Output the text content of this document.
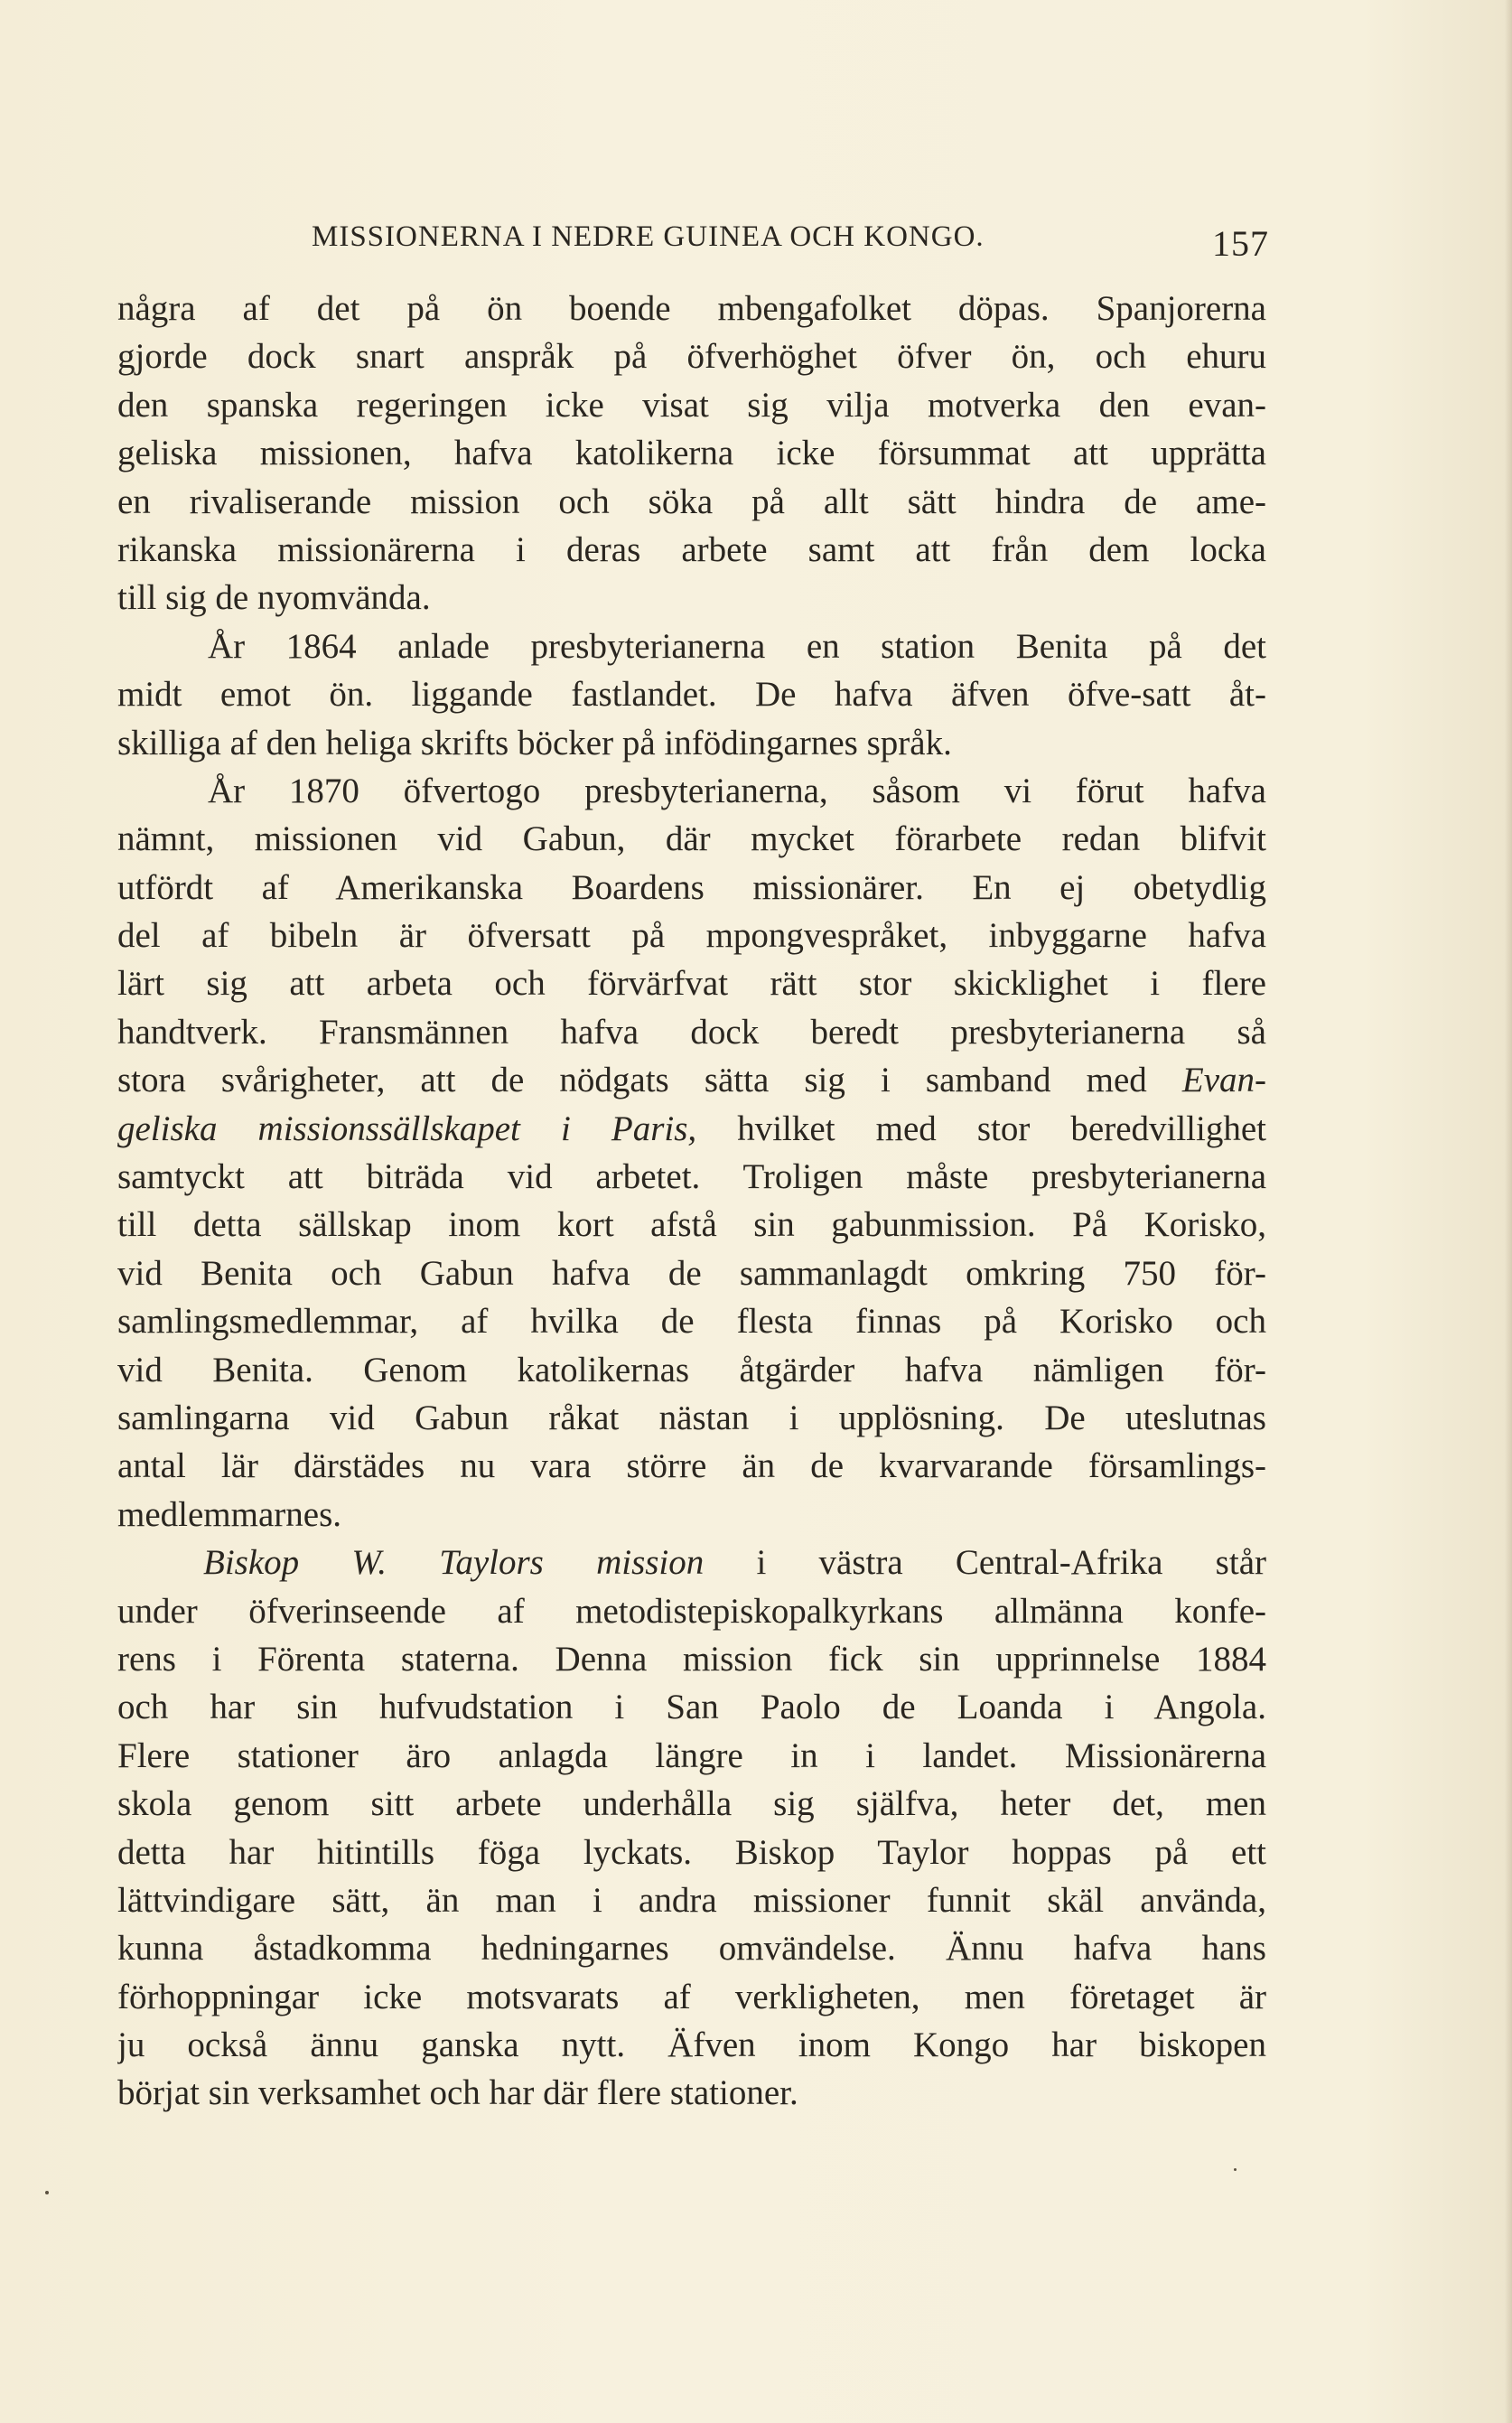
MISSIONERNA I NEDRE GUINEA OCH KONGO.	157
några af det på ön boende mbengafolket döpas. Spanjorerna
gjorde dock snart anspråk på öfverhöghet öfver ön, och ehuru
den spanska regeringen icke visat sig vilja motverka den evan-
geliska missionen, hafva katolikerna icke försummat att upprätta
en rivaliserande mission och söka på allt sätt hindra de ame-
rikanska missionärerna i deras arbete samt att från dem locka
till sig de nyomvända.
År 1864 anlade presbyterianerna en station Benita på det
midt emot ön. liggande fastlandet. De hafva äfven öfve-satt åt-
skilliga af den heliga skrifts böcker på infödingarnes språk.
År 1870 öfvertogo presbyterianerna, såsom vi förut hafva
nämnt, missionen vid Gabun, där mycket förarbete redan blifvit
utfördt af Amerikanska Boardens missionärer. En ej obetydlig
del af bibeln är öfversatt på mpongvespråket, inbyggarne hafva
lärt sig att arbeta och förvärfvat rätt stor skicklighet i flere
handtverk. Fransmännen hafva dock beredt presbyterianerna så
stora svårigheter, att de nödgats sätta sig i samband med Evan-
geliska missionssällskapet i Paris, hvilket med stor beredvillighet
samtyckt att biträda vid arbetet. Troligen måste presbyterianerna
till detta sällskap inom kort afstå sin gabunmission. På Korisko,
vid Benita och Gabun hafva de sammanlagdt omkring 750 för-
samlingsmedlemmar, af hvilka de flesta finnas på Korisko och
vid Benita. Genom katolikernas åtgärder hafva nämligen för-
samlingarna vid Gabun råkat nästan i upplösning. De uteslutnas
antal lär därstädes nu vara större än de kvarvarande församlings-
medlemmarnes.
Biskop W. Taylors mission i västra Central-Afrika står
under öfverinseende af metodistepiskopalkyrkans allmänna konfe-
rens i Förenta staterna. Denna mission fick sin upprinnelse 1884
och har sin hufvudstation i San Paolo de Loanda i Angola.
Flere stationer äro anlagda längre in i landet. Missionärerna
skola genom sitt arbete underhålla sig själfva, heter det, men
detta har hitintills föga lyckats. Biskop Taylor hoppas på ett
lättvindigare sätt, än man i andra missioner funnit skäl använda,
kunna åstadkomma hedningarnes omvändelse. Ännu hafva hans
förhoppningar icke motsvarats af verkligheten, men företaget är
ju också ännu ganska nytt. Äfven inom Kongo har biskopen
börjat sin verksamhet och har där flere stationer.
